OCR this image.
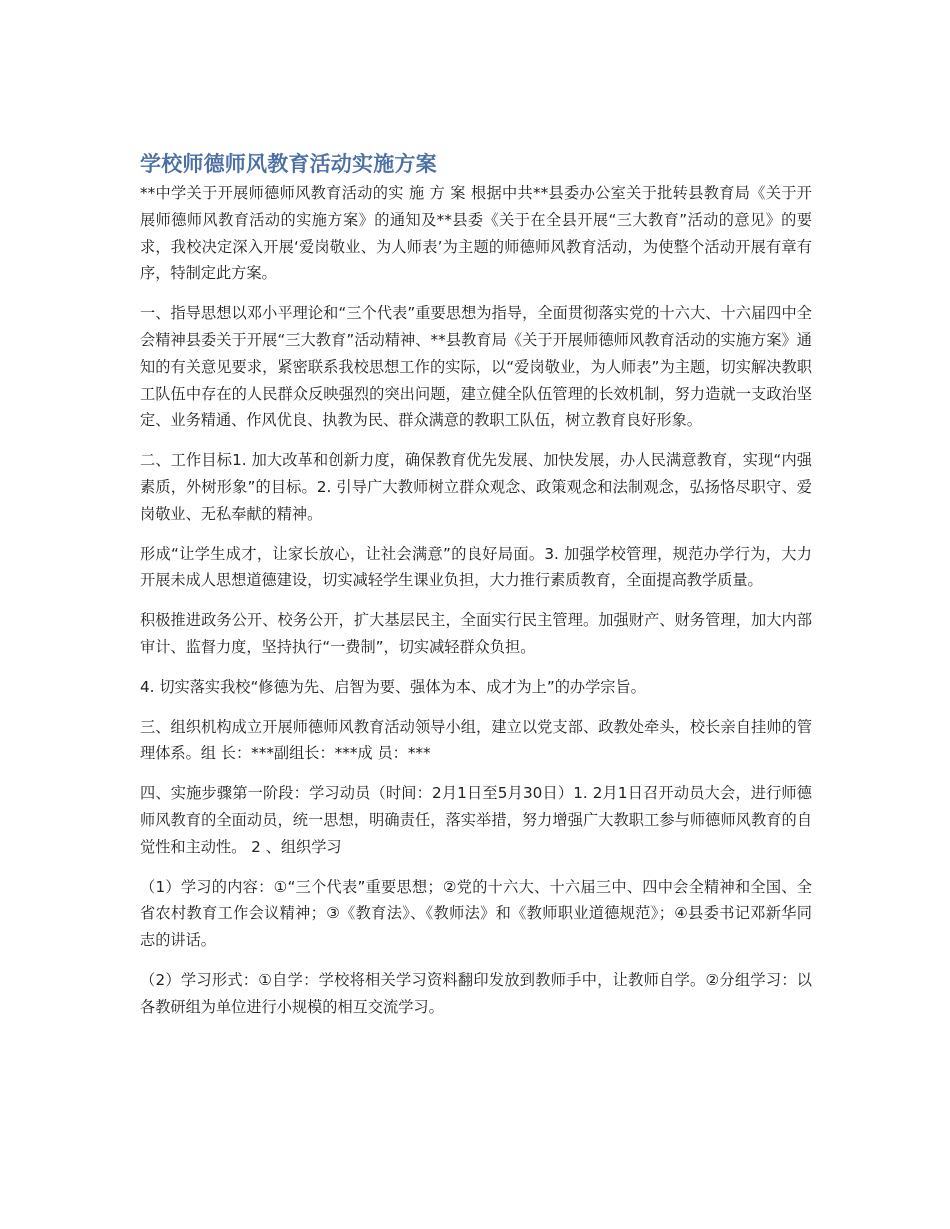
学校师德师风教育活动实施方案

**中学关于开展师德师风教育活动的实 施 方 案 根据中共**县委办公室关于批转县教育局《关于开展师德师风教育活动的实施方案》的通知及**县委《关于在全县开展“三大教育”活动的意见》的要求，我校决定深入开展‘爱岗敬业、为人师表’为主题的师德师风教育活动，为使整个活动开展有章有序，特制定此方案。

一、指导思想以邓小平理论和“三个代表”重要思想为指导，全面贯彻落实党的十六大、十六届四中全会精神县委关于开展“三大教育”活动精神、**县教育局《关于开展师德师风教育活动的实施方案》通知的有关意见要求，紧密联系我校思想工作的实际，以“爱岗敬业，为人师表”为主题，切实解决教职工队伍中存在的人民群众反映强烈的突出问题，建立健全队伍管理的长效机制，努力造就一支政治坚定、业务精通、作风优良、执教为民、群众满意的教职工队伍，树立教育良好形象。

二、工作目标1. 加大改革和创新力度，确保教育优先发展、加快发展，办人民满意教育，实现“内强素质，外树形象”的目标。2. 引导广大教师树立群众观念、政策观念和法制观念，弘扬恪尽职守、爱岗敬业、无私奉献的精神。

形成“让学生成才，让家长放心，让社会满意”的良好局面。3. 加强学校管理，规范办学行为，大力开展未成人思想道德建设，切实减轻学生课业负担，大力推行素质教育，全面提高教学质量。

积极推进政务公开、校务公开，扩大基层民主，全面实行民主管理。加强财产、财务管理，加大内部审计、监督力度，坚持执行“一费制”，切实减轻群众负担。

4. 切实落实我校“修德为先、启智为要、强体为本、成才为上”的办学宗旨。

三、组织机构成立开展师德师风教育活动领导小组，建立以党支部、政教处牵头，校长亲自挂帅的管理体系。组 长：***副组长：***成 员：***

四、实施步骤第一阶段：学习动员（时间：2月1日至5月30日）1. 2月1日召开动员大会，进行师德师风教育的全面动员，统一思想，明确责任，落实举措，努力增强广大教职工参与师德师风教育的自觉性和主动性。 2 、组织学习

（1）学习的内容：①“三个代表”重要思想；②党的十六大、十六届三中、四中会全精神和全国、全省农村教育工作会议精神；③《教育法》、《教师法》和《教师职业道德规范》；④县委书记邓新华同志的讲话。

（2）学习形式：①自学：学校将相关学习资料翻印发放到教师手中，让教师自学。②分组学习：以各教研组为单位进行小规模的相互交流学习。
